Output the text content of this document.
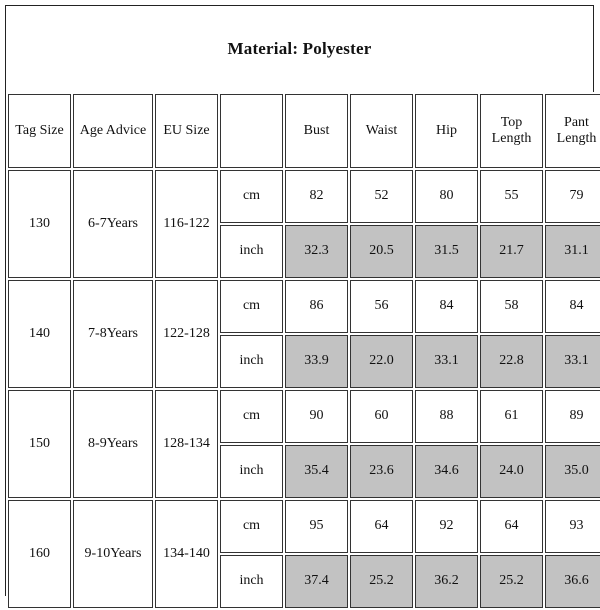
Material: Polyester
Tag Size	Age Advice	EU Size		Bust	Waist	Hip	Top Length	Pant Length
130	6-7Years	116-122	cm	82	52	80	55	79
			inch	32.3	20.5	31.5	21.7	31.1
140	7-8Years	122-128	cm	86	56	84	58	84
			inch	33.9	22.0	33.1	22.8	33.1
150	8-9Years	128-134	cm	90	60	88	61	89
			inch	35.4	23.6	34.6	24.0	35.0
160	9-10Years	134-140	cm	95	64	92	64	93
			inch	37.4	25.2	36.2	25.2	36.6
